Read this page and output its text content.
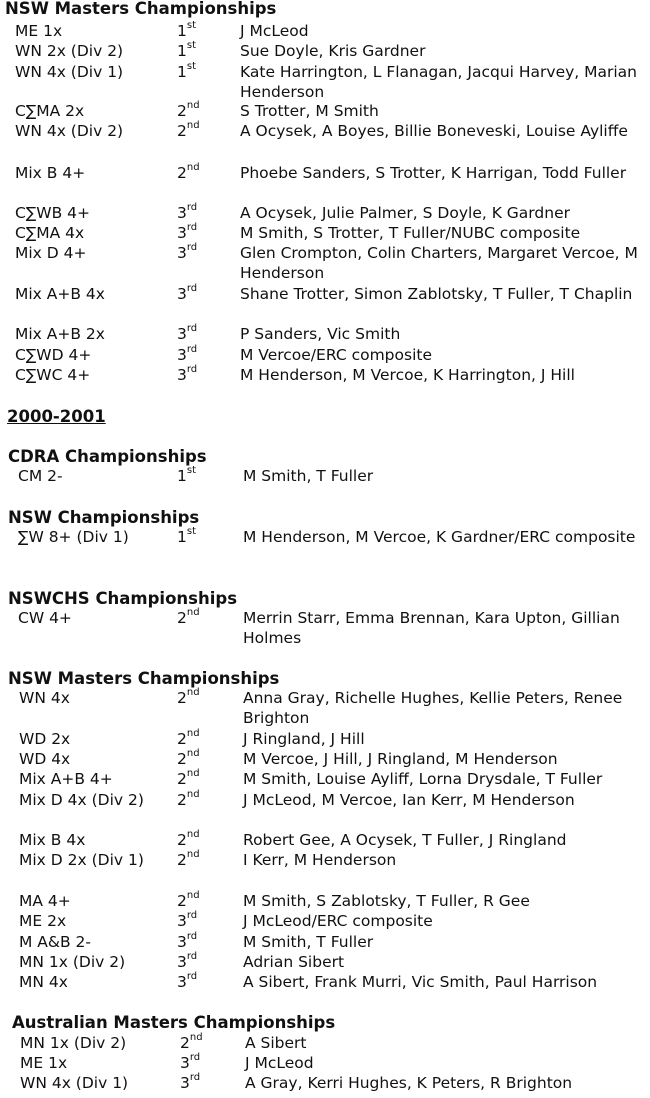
NSW Masters Championships
ME 1x	1st	J McLeod
WN 2x (Div 2)	1st	Sue Doyle, Kris Gardner
WN 4x (Div 1)	1st	Kate Harrington, L Flanagan, Jacqui Harvey, Marian Henderson
C∑MA 2x	2nd	S Trotter, M Smith
WN 4x (Div 2)	2nd	A Ocysek, A Boyes, Billie Boneveski, Louise Ayliffe
Mix B 4+	2nd	Phoebe Sanders, S Trotter, K Harrigan, Todd Fuller
C∑WB 4+	3rd	A Ocysek, Julie Palmer, S Doyle, K Gardner
C∑MA 4x	3rd	M Smith, S Trotter, T Fuller/NUBC composite
Mix D 4+	3rd	Glen Crompton, Colin Charters, Margaret Vercoe, M Henderson
Mix A+B 4x	3rd	Shane Trotter, Simon Zablotsky, T Fuller, T Chaplin
Mix A+B 2x	3rd	P Sanders, Vic Smith
C∑WD 4+	3rd	M Vercoe/ERC composite
C∑WC 4+	3rd	M Henderson, M Vercoe, K Harrington, J Hill
2000-2001
CDRA Championships
CM 2-	1st	M Smith, T Fuller
NSW Championships
∑W 8+ (Div 1)	1st	M Henderson, M Vercoe, K Gardner/ERC composite
NSWCHS Championships
CW 4+	2nd	Merrin Starr, Emma Brennan, Kara Upton, Gillian Holmes
NSW Masters Championships
WN 4x	2nd	Anna Gray, Richelle Hughes, Kellie Peters, Renee Brighton
WD 2x	2nd	J Ringland, J Hill
WD 4x	2nd	M Vercoe, J Hill, J Ringland, M Henderson
Mix A+B 4+	2nd	M Smith, Louise Ayliff, Lorna Drysdale, T Fuller
Mix D 4x (Div 2)	2nd	J McLeod, M Vercoe, Ian Kerr, M Henderson
Mix B 4x	2nd	Robert Gee, A Ocysek, T Fuller, J Ringland
Mix D 2x (Div 1)	2nd	I Kerr, M Henderson
MA 4+	2nd	M Smith, S Zablotsky, T Fuller, R Gee
ME 2x	3rd	J McLeod/ERC composite
M A&B 2-	3rd	M Smith, T Fuller
MN 1x (Div 2)	3rd	Adrian Sibert
MN 4x	3rd	A Sibert, Frank Murri, Vic Smith, Paul Harrison
Australian Masters Championships
MN 1x (Div 2)	2nd	A Sibert
ME 1x	3rd	J McLeod
WN 4x (Div 1)	3rd	A Gray, Kerri Hughes, K Peters, R Brighton
